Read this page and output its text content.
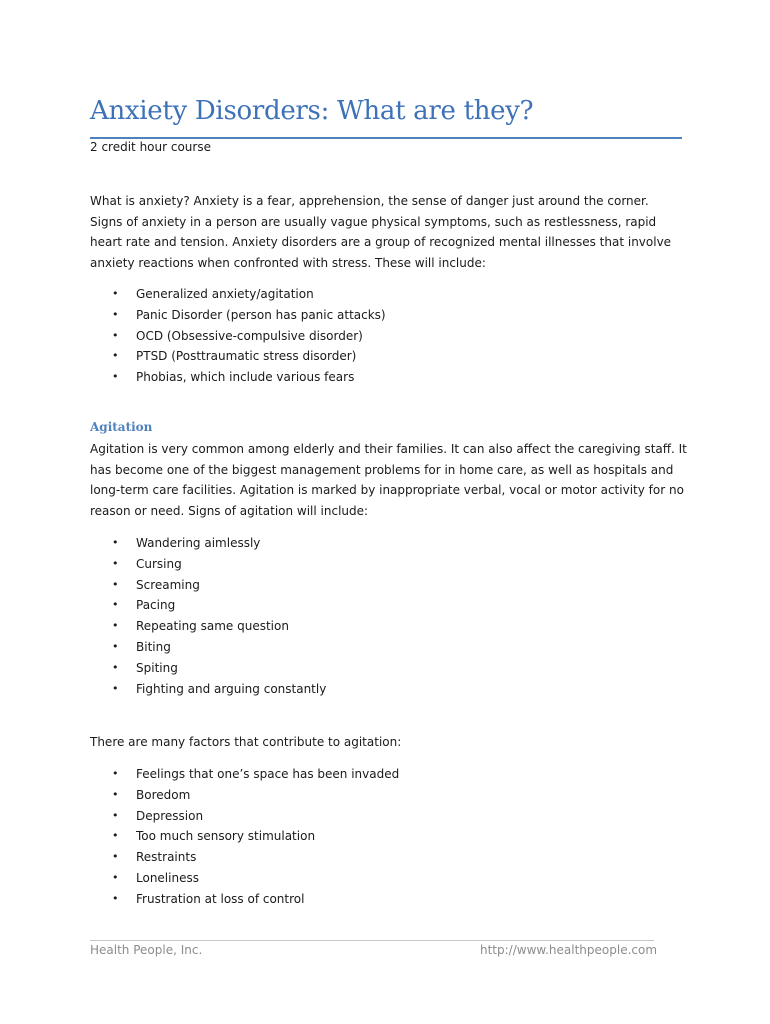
Anxiety Disorders: What are they?
2 credit hour course

What is anxiety? Anxiety is a fear, apprehension, the sense of danger just around the corner. Signs of anxiety in a person are usually vague physical symptoms, such as restlessness, rapid heart rate and tension. Anxiety disorders are a group of recognized mental illnesses that involve anxiety reactions when confronted with stress. These will include:

• Generalized anxiety/agitation
• Panic Disorder (person has panic attacks)
• OCD (Obsessive-compulsive disorder)
• PTSD (Posttraumatic stress disorder)
• Phobias, which include various fears
Agitation

Agitation is very common among elderly and their families. It can also affect the caregiving staff. It has become one of the biggest management problems for in home care, as well as hospitals and long-term care facilities. Agitation is marked by inappropriate verbal, vocal or motor activity for no reason or need. Signs of agitation will include:

• Wandering aimlessly
• Cursing
• Screaming
• Pacing
• Repeating same question
• Biting
• Spiting
• Fighting and arguing constantly

There are many factors that contribute to agitation:

• Feelings that one’s space has been invaded
• Boredom
• Depression
• Too much sensory stimulation
• Restraints
• Loneliness
• Frustration at loss of control
Health People, Inc.	http://www.healthpeople.com
